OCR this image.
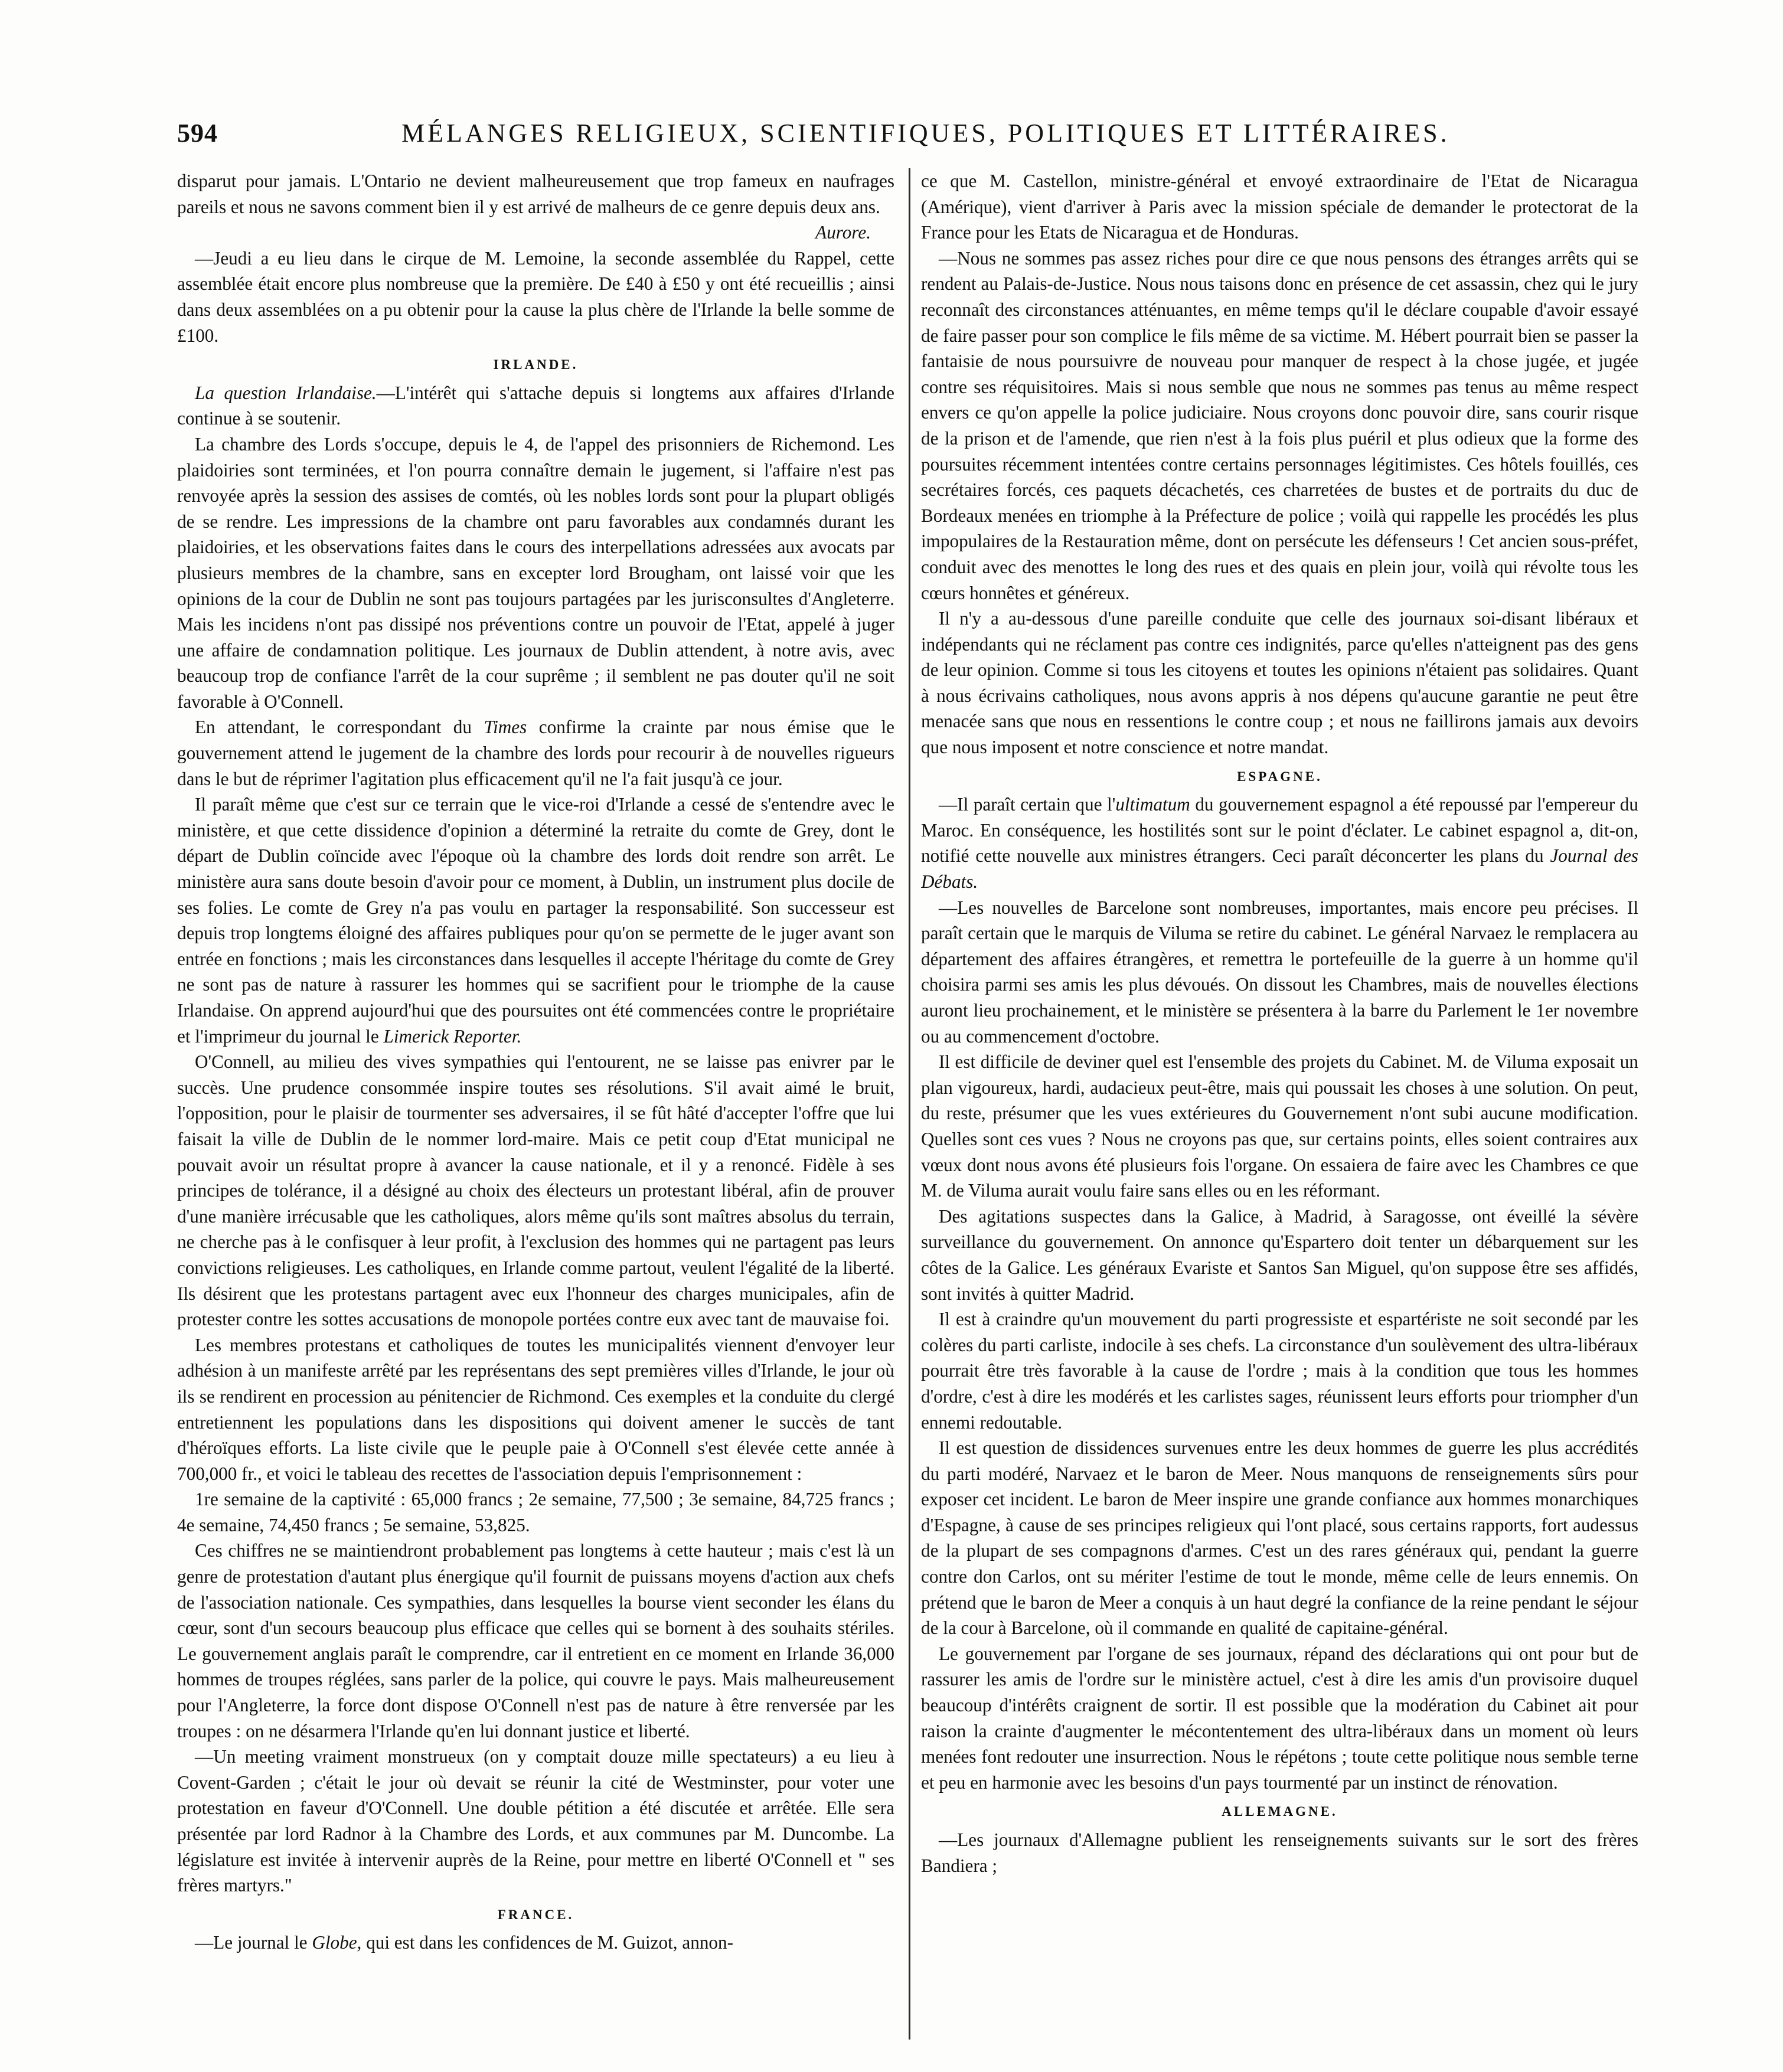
594	MÉLANGES RELIGIEUX, SCIENTIFIQUES, POLITIQUES ET LITTÉRAIRES.

disparut pour jamais. L'Ontario ne devient malheureusement que trop fameux en naufrages pareils et nous ne savons comment bien il y est arrivé de malheurs de ce genre depuis deux ans.

Aurore.

—Jeudi a eu lieu dans le cirque de M. Lemoine, la seconde assemblée du Rappel, cette assemblée était encore plus nombreuse que la première. De £40 à £50 y ont été recueillis ; ainsi dans deux assemblées on a pu obtenir pour la cause la plus chère de l'Irlande la belle somme de £100.

IRLANDE.

La question Irlandaise.—L'intérêt qui s'attache depuis si longtems aux affaires d'Irlande continue à se soutenir.

La chambre des Lords s'occupe, depuis le 4, de l'appel des prisonniers de Richemond. Les plaidoiries sont terminées, et l'on pourra connaître demain le jugement, si l'affaire n'est pas renvoyée après la session des assises de comtés, où les nobles lords sont pour la plupart obligés de se rendre. Les impressions de la chambre ont paru favorables aux condamnés durant les plaidoiries, et les observations faites dans le cours des interpellations adressées aux avocats par plusieurs membres de la chambre, sans en excepter lord Brougham, ont laissé voir que les opinions de la cour de Dublin ne sont pas toujours partagées par les jurisconsultes d'Angleterre. Mais les incidens n'ont pas dissipé nos préventions contre un pouvoir de l'Etat, appelé à juger une affaire de condamnation politique. Les journaux de Dublin attendent, à notre avis, avec beaucoup trop de confiance l'arrêt de la cour suprême ; il semblent ne pas douter qu'il ne soit favorable à O'Connell.

En attendant, le correspondant du Times confirme la crainte par nous émise que le gouvernement attend le jugement de la chambre des lords pour recourir à de nouvelles rigueurs dans le but de réprimer l'agitation plus efficacement qu'il ne l'a fait jusqu'à ce jour.

Il paraît même que c'est sur ce terrain que le vice-roi d'Irlande a cessé de s'entendre avec le ministère, et que cette dissidence d'opinion a déterminé la retraite du comte de Grey, dont le départ de Dublin coïncide avec l'époque où la chambre des lords doit rendre son arrêt. Le ministère aura sans doute besoin d'avoir pour ce moment, à Dublin, un instrument plus docile de ses folies. Le comte de Grey n'a pas voulu en partager la responsabilité. Son successeur est depuis trop longtems éloigné des affaires publiques pour qu'on se permette de le juger avant son entrée en fonctions ; mais les circonstances dans lesquelles il accepte l'héritage du comte de Grey ne sont pas de nature à rassurer les hommes qui se sacrifient pour le triomphe de la cause Irlandaise. On apprend aujourd'hui que des poursuites ont été commencées contre le propriétaire et l'imprimeur du journal le Limerick Reporter.

O'Connell, au milieu des vives sympathies qui l'entourent, ne se laisse pas enivrer par le succès. Une prudence consommée inspire toutes ses résolutions. S'il avait aimé le bruit, l'opposition, pour le plaisir de tourmenter ses adversaires, il se fût hâté d'accepter l'offre que lui faisait la ville de Dublin de le nommer lord-maire. Mais ce petit coup d'Etat municipal ne pouvait avoir un résultat propre à avancer la cause nationale, et il y a renoncé. Fidèle à ses principes de tolérance, il a désigné au choix des électeurs un protestant libéral, afin de prouver d'une manière irrécusable que les catholiques, alors même qu'ils sont maîtres absolus du terrain, ne cherche pas à le confisquer à leur profit, à l'exclusion des hommes qui ne partagent pas leurs convictions religieuses. Les catholiques, en Irlande comme partout, veulent l'égalité de la liberté. Ils désirent que les protestans partagent avec eux l'honneur des charges municipales, afin de protester contre les sottes accusations de monopole portées contre eux avec tant de mauvaise foi.

Les membres protestans et catholiques de toutes les municipalités viennent d'envoyer leur adhésion à un manifeste arrêté par les représentans des sept premières villes d'Irlande, le jour où ils se rendirent en procession au pénitencier de Richmond. Ces exemples et la conduite du clergé entretiennent les populations dans les dispositions qui doivent amener le succès de tant d'héroïques efforts. La liste civile que le peuple paie à O'Connell s'est élevée cette année à 700,000 fr., et voici le tableau des recettes de l'association depuis l'emprisonnement :

1re semaine de la captivité : 65,000 francs ; 2e semaine, 77,500 ; 3e semaine, 84,725 francs ; 4e semaine, 74,450 francs ; 5e semaine, 53,825.

Ces chiffres ne se maintiendront probablement pas longtems à cette hauteur ; mais c'est là un genre de protestation d'autant plus énergique qu'il fournit de puissans moyens d'action aux chefs de l'association nationale. Ces sympathies, dans lesquelles la bourse vient seconder les élans du cœur, sont d'un secours beaucoup plus efficace que celles qui se bornent à des souhaits stériles. Le gouvernement anglais paraît le comprendre, car il entretient en ce moment en Irlande 36,000 hommes de troupes réglées, sans parler de la police, qui couvre le pays. Mais malheureusement pour l'Angleterre, la force dont dispose O'Connell n'est pas de nature à être renversée par les troupes : on ne désarmera l'Irlande qu'en lui donnant justice et liberté.

—Un meeting vraiment monstrueux (on y comptait douze mille spectateurs) a eu lieu à Covent-Garden ; c'était le jour où devait se réunir la cité de Westminster, pour voter une protestation en faveur d'O'Connell. Une double pétition a été discutée et arrêtée. Elle sera présentée par lord Radnor à la Chambre des Lords, et aux communes par M. Duncombe. La législature est invitée à intervenir auprès de la Reine, pour mettre en liberté O'Connell et " ses frères martyrs."

FRANCE.

—Le journal le Globe, qui est dans les confidences de M. Guizot, annon-

ce que M. Castellon, ministre-général et envoyé extraordinaire de l'Etat de Nicaragua (Amérique), vient d'arriver à Paris avec la mission spéciale de demander le protectorat de la France pour les Etats de Nicaragua et de Honduras.

—Nous ne sommes pas assez riches pour dire ce que nous pensons des étranges arrêts qui se rendent au Palais-de-Justice. Nous nous taisons donc en présence de cet assassin, chez qui le jury reconnaît des circonstances atténuantes, en même temps qu'il le déclare coupable d'avoir essayé de faire passer pour son complice le fils même de sa victime. M. Hébert pourrait bien se passer la fantaisie de nous poursuivre de nouveau pour manquer de respect à la chose jugée, et jugée contre ses réquisitoires. Mais si nous semble que nous ne sommes pas tenus au même respect envers ce qu'on appelle la police judiciaire. Nous croyons donc pouvoir dire, sans courir risque de la prison et de l'amende, que rien n'est à la fois plus puéril et plus odieux que la forme des poursuites récemment intentées contre certains personnages légitimistes. Ces hôtels fouillés, ces secrétaires forcés, ces paquets décachetés, ces charretées de bustes et de portraits du duc de Bordeaux menées en triomphe à la Préfecture de police ; voilà qui rappelle les procédés les plus impopulaires de la Restauration même, dont on persécute les défenseurs ! Cet ancien sous-préfet, conduit avec des menottes le long des rues et des quais en plein jour, voilà qui révolte tous les cœurs honnêtes et généreux.

Il n'y a au-dessous d'une pareille conduite que celle des journaux soi-disant libéraux et indépendants qui ne réclament pas contre ces indignités, parce qu'elles n'atteignent pas des gens de leur opinion. Comme si tous les citoyens et toutes les opinions n'étaient pas solidaires. Quant à nous écrivains catholiques, nous avons appris à nos dépens qu'aucune garantie ne peut être menacée sans que nous en ressentions le contre coup ; et nous ne faillirons jamais aux devoirs que nous imposent et notre conscience et notre mandat.

ESPAGNE.

—Il paraît certain que l'ultimatum du gouvernement espagnol a été repoussé par l'empereur du Maroc. En conséquence, les hostilités sont sur le point d'éclater. Le cabinet espagnol a, dit-on, notifié cette nouvelle aux ministres étrangers. Ceci paraît déconcerter les plans du Journal des Débats.

—Les nouvelles de Barcelone sont nombreuses, importantes, mais encore peu précises. Il paraît certain que le marquis de Viluma se retire du cabinet. Le général Narvaez le remplacera au département des affaires étrangères, et remettra le portefeuille de la guerre à un homme qu'il choisira parmi ses amis les plus dévoués. On dissout les Chambres, mais de nouvelles élections auront lieu prochainement, et le ministère se présentera à la barre du Parlement le 1er novembre ou au commencement d'octobre.

Il est difficile de deviner quel est l'ensemble des projets du Cabinet. M. de Viluma exposait un plan vigoureux, hardi, audacieux peut-être, mais qui poussait les choses à une solution. On peut, du reste, présumer que les vues extérieures du Gouvernement n'ont subi aucune modification. Quelles sont ces vues ? Nous ne croyons pas que, sur certains points, elles soient contraires aux vœux dont nous avons été plusieurs fois l'organe. On essaiera de faire avec les Chambres ce que M. de Viluma aurait voulu faire sans elles ou en les réformant.

Des agitations suspectes dans la Galice, à Madrid, à Saragosse, ont éveillé la sévère surveillance du gouvernement. On annonce qu'Espartero doit tenter un débarquement sur les côtes de la Galice. Les généraux Evariste et Santos San Miguel, qu'on suppose être ses affidés, sont invités à quitter Madrid.

Il est à craindre qu'un mouvement du parti progressiste et espartériste ne soit secondé par les colères du parti carliste, indocile à ses chefs. La circonstance d'un soulèvement des ultra-libéraux pourrait être très favorable à la cause de l'ordre ; mais à la condition que tous les hommes d'ordre, c'est à dire les modérés et les carlistes sages, réunissent leurs efforts pour triompher d'un ennemi redoutable.

Il est question de dissidences survenues entre les deux hommes de guerre les plus accrédités du parti modéré, Narvaez et le baron de Meer. Nous manquons de renseignements sûrs pour exposer cet incident. Le baron de Meer inspire une grande confiance aux hommes monarchiques d'Espagne, à cause de ses principes religieux qui l'ont placé, sous certains rapports, fort audessus de la plupart de ses compagnons d'armes. C'est un des rares généraux qui, pendant la guerre contre don Carlos, ont su mériter l'estime de tout le monde, même celle de leurs ennemis. On prétend que le baron de Meer a conquis à un haut degré la confiance de la reine pendant le séjour de la cour à Barcelone, où il commande en qualité de capitaine-général.

Le gouvernement par l'organe de ses journaux, répand des déclarations qui ont pour but de rassurer les amis de l'ordre sur le ministère actuel, c'est à dire les amis d'un provisoire duquel beaucoup d'intérêts craignent de sortir. Il est possible que la modération du Cabinet ait pour raison la crainte d'augmenter le mécontentement des ultra-libéraux dans un moment où leurs menées font redouter une insurrection. Nous le répétons ; toute cette politique nous semble terne et peu en harmonie avec les besoins d'un pays tourmenté par un instinct de rénovation.

ALLEMAGNE.

—Les journaux d'Allemagne publient les renseignements suivants sur le sort des frères Bandiera ;
